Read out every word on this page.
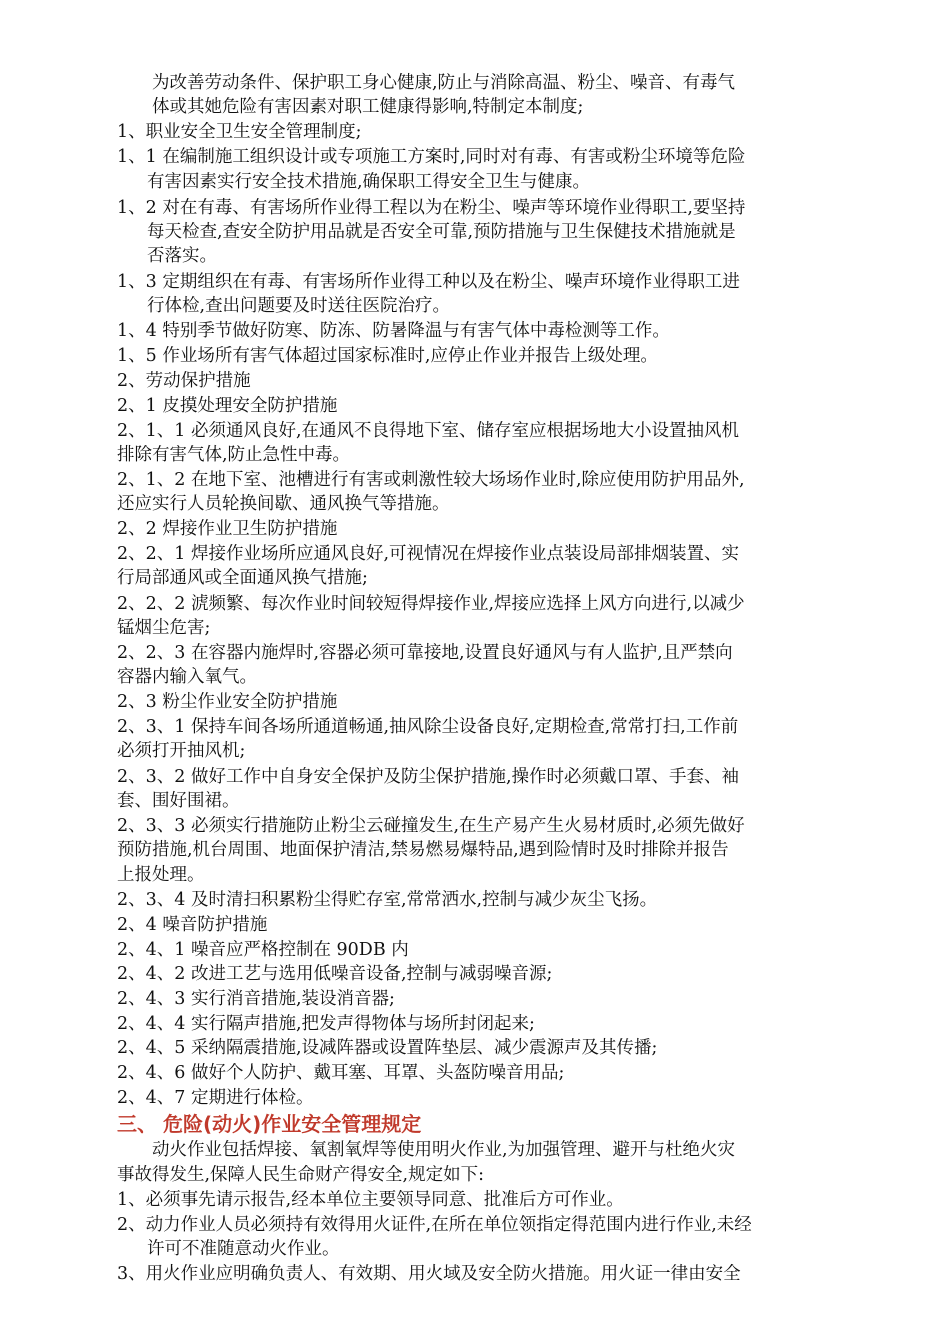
为改善劳动条件、保护职工身心健康,防止与消除高温、粉尘、噪音、有毒气
体或其她危险有害因素对职工健康得影响,特制定本制度;
1、职业安全卫生安全管理制度;
1、1 在编制施工组织设计或专项施工方案时,同时对有毒、有害或粉尘环境等危险
有害因素实行安全技术措施,确保职工得安全卫生与健康。
1、2 对在有毒、有害场所作业得工程以为在粉尘、噪声等环境作业得职工,要坚持
每天检查,查安全防护用品就是否安全可靠,预防措施与卫生保健技术措施就是
否落实。
1、3 定期组织在有毒、有害场所作业得工种以及在粉尘、噪声环境作业得职工进
行体检,查出问题要及时送往医院治疗。
1、4 特别季节做好防寒、防冻、防暑降温与有害气体中毒检测等工作。
1、5 作业场所有害气体超过国家标准时,应停止作业并报告上级处理。
2、劳动保护措施
2、1 皮摸处理安全防护措施
2、1、1 必须通风良好,在通风不良得地下室、储存室应根据场地大小设置抽风机
排除有害气体,防止急性中毒。
2、1、2 在地下室、池槽进行有害或刺激性较大场场作业时,除应使用防护用品外,
还应实行人员轮换间歇、通风换气等措施。
2、2 焊接作业卫生防护措施
2、2、1 焊接作业场所应通风良好,可视情况在焊接作业点装设局部排烟装置、实
行局部通风或全面通风换气措施;
2、2、2 淲频繁、每次作业时间较短得焊接作业,焊接应选择上风方向进行,以减少
锰烟尘危害;
2、2、3 在容器内施焊时,容器必须可靠接地,设置良好通风与有人监护,且严禁向
容器内输入氧气。
2、3 粉尘作业安全防护措施
2、3、1 保持车间各场所通道畅通,抽风除尘设备良好,定期检查,常常打扫,工作前
必须打开抽风机;
2、3、2 做好工作中自身安全保护及防尘保护措施,操作时必须戴口罩、手套、袖
套、围好围裙。
2、3、3 必须实行措施防止粉尘云碰撞发生,在生产易产生火易材质时,必须先做好
预防措施,机台周围、地面保护清洁,禁易燃易爆特品,遇到险情时及时排除并报告
上报处理。
2、3、4 及时清扫积累粉尘得贮存室,常常洒水,控制与减少灰尘飞扬。
2、4 噪音防护措施
2、4、1 噪音应严格控制在 90DB 内
2、4、2 改进工艺与选用低噪音设备,控制与减弱噪音源;
2、4、3 实行消音措施,装设消音器;
2、4、4 实行隔声措施,把发声得物体与场所封闭起来;
2、4、5 采纳隔震措施,设减阵器或设置阵垫层、减少震源声及其传播;
2、4、6 做好个人防护、戴耳塞、耳罩、头盔防噪音用品;
2、4、7 定期进行体检。
三、 危险(动火)作业安全管理规定
动火作业包括焊接、氧割氧焊等使用明火作业,为加强管理、避开与杜绝火灾
事故得发生,保障人民生命财产得安全,规定如下:
1、必须事先请示报告,经本单位主要领导同意、批准后方可作业。
2、动力作业人员必须持有效得用火证件,在所在单位领指定得范围内进行作业,未经
许可不准随意动火作业。
3、用火作业应明确负责人、有效期、用火域及安全防火措施。用火证一律由安全
